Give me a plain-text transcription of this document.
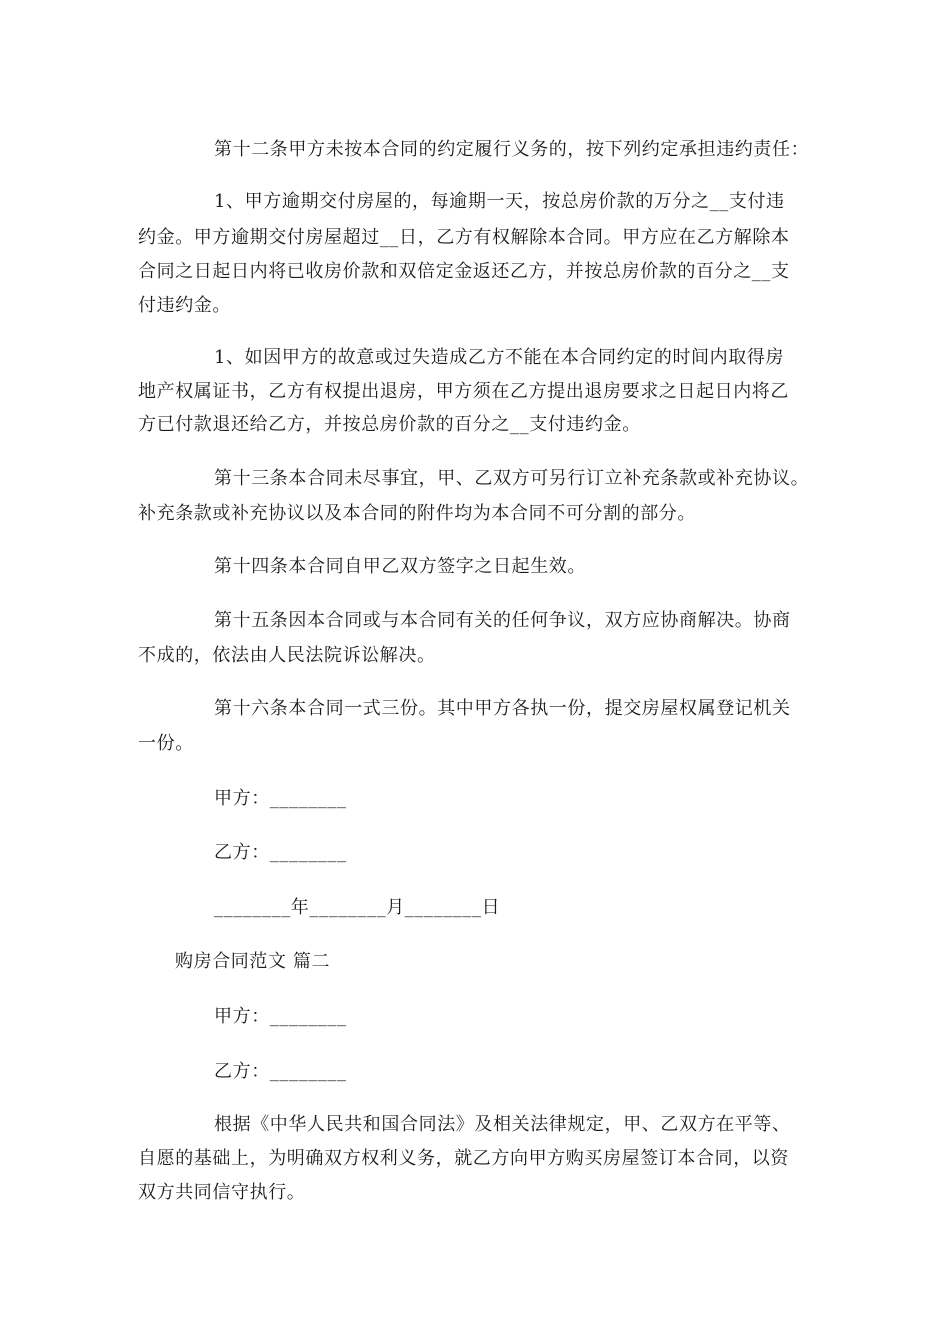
第十二条甲方未按本合同的约定履行义务的，按下列约定承担违约责任：
1、甲方逾期交付房屋的，每逾期一天，按总房价款的万分之__支付违
约金。甲方逾期交付房屋超过__日，乙方有权解除本合同。甲方应在乙方解除本
合同之日起日内将已收房价款和双倍定金返还乙方，并按总房价款的百分之__支
付违约金。
1、如因甲方的故意或过失造成乙方不能在本合同约定的时间内取得房
地产权属证书，乙方有权提出退房，甲方须在乙方提出退房要求之日起日内将乙
方已付款退还给乙方，并按总房价款的百分之__支付违约金。
第十三条本合同未尽事宜，甲、乙双方可另行订立补充条款或补充协议。
补充条款或补充协议以及本合同的附件均为本合同不可分割的部分。
第十四条本合同自甲乙双方签字之日起生效。
第十五条因本合同或与本合同有关的任何争议，双方应协商解决。协商
不成的，依法由人民法院诉讼解决。
第十六条本合同一式三份。其中甲方各执一份，提交房屋权属登记机关
一份。
甲方：________
乙方：________
________年________月________日
购房合同范文 篇二
甲方：________
乙方：________
根据《中华人民共和国合同法》及相关法律规定，甲、乙双方在平等、
自愿的基础上，为明确双方权利义务，就乙方向甲方购买房屋签订本合同，以资
双方共同信守执行。
